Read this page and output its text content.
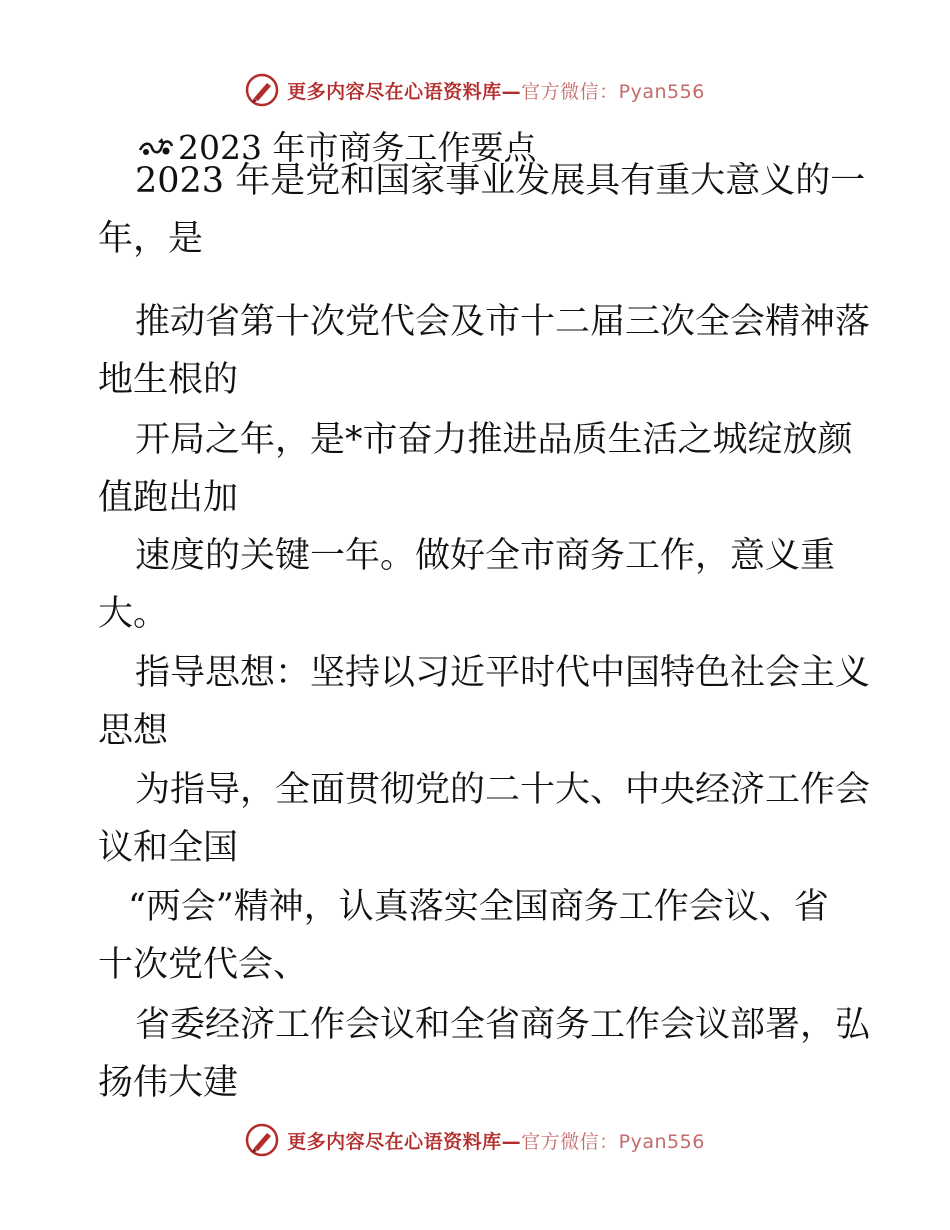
更多内容尽在心语资料库—官方微信：Pyan556
2023 年市商务工作要点
2023 年是党和国家事业发展具有重大意义的一
年，是
推动省第十次党代会及市十二届三次全会精神落
地生根的
开局之年，是*市奋力推进品质生活之城绽放颜
值跑出加
速度的关键一年。做好全市商务工作，意义重
大。
指导思想：坚持以习近平时代中国特色社会主义
思想
为指导，全面贯彻党的二十大、中央经济工作会
议和全国
“两会”精神，认真落实全国商务工作会议、省
十次党代会、
省委经济工作会议和全省商务工作会议部署，弘
扬伟大建
更多内容尽在心语资料库—官方微信：Pyan556
